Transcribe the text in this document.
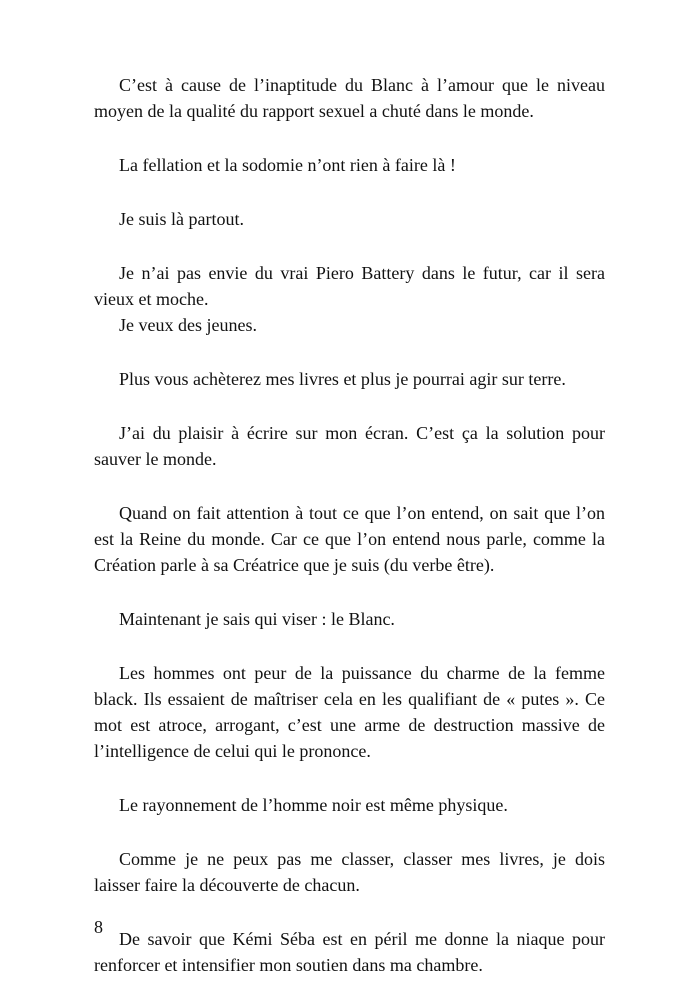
C’est à cause de l’inaptitude du Blanc à l’amour que le niveau moyen de la qualité du rapport sexuel a chuté dans le monde.

La fellation et la sodomie n’ont rien à faire là !

Je suis là partout.

Je n’ai pas envie du vrai Piero Battery dans le futur, car il sera vieux et moche.

Je veux des jeunes.

Plus vous achèterez mes livres et plus je pourrai agir sur terre.

J’ai du plaisir à écrire sur mon écran. C’est ça la solution pour sauver le monde.

Quand on fait attention à tout ce que l’on entend, on sait que l’on est la Reine du monde. Car ce que l’on entend nous parle, comme la Création parle à sa Créatrice que je suis (du verbe être).

Maintenant je sais qui viser : le Blanc.

Les hommes ont peur de la puissance du charme de la femme black. Ils essaient de maîtriser cela en les qualifiant de « putes ». Ce mot est atroce, arrogant, c’est une arme de destruction massive de l’intelligence de celui qui le prononce.

Le rayonnement de l’homme noir est même physique.

Comme je ne peux pas me classer, classer mes livres, je dois laisser faire la découverte de chacun.

De savoir que Kémi Séba est en péril me donne la niaque pour renforcer et intensifier mon soutien dans ma chambre.

8
